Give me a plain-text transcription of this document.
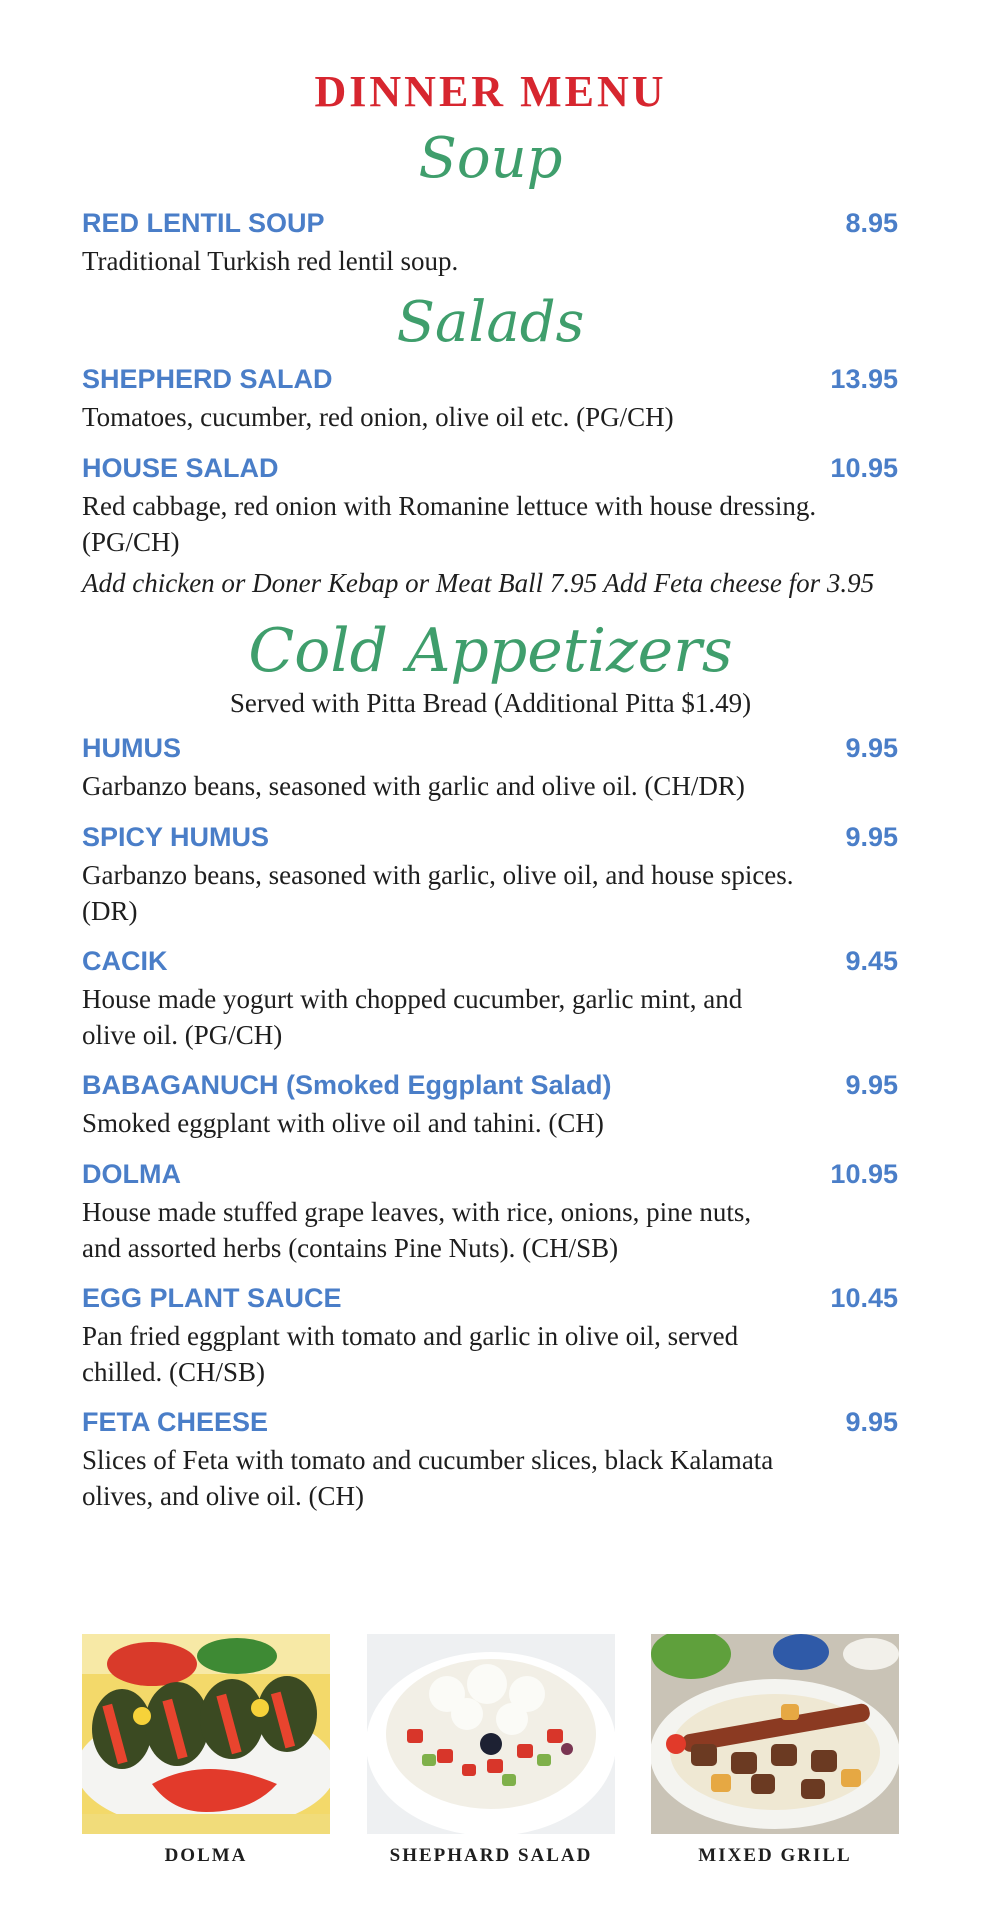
DINNER MENU
Soup
RED LENTIL SOUP	8.95
Traditional Turkish red lentil soup.
Salads
SHEPHERD SALAD	13.95
Tomatoes, cucumber, red onion, olive oil etc. (PG/CH)
HOUSE SALAD	10.95
Red cabbage, red onion with Romanine lettuce with house dressing.
(PG/CH)
Add chicken or Doner Kebap or Meat Ball 7.95 Add Feta cheese for 3.95
Cold Appetizers
Served with Pitta Bread (Additional Pitta $1.49)
HUMUS	9.95
Garbanzo beans, seasoned with garlic and olive oil. (CH/DR)
SPICY HUMUS	9.95
Garbanzo beans, seasoned with garlic, olive oil, and house spices.
(DR)
CACIK	9.45
House made yogurt with chopped cucumber, garlic mint, and
olive oil. (PG/CH)
BABAGANUCH (Smoked Eggplant Salad)	9.95
Smoked eggplant with olive oil and tahini. (CH)
DOLMA	10.95
House made stuffed grape leaves, with rice, onions, pine nuts,
and assorted herbs (contains Pine Nuts). (CH/SB)
EGG PLANT SAUCE	10.45
Pan fried eggplant with tomato and garlic in olive oil, served
chilled. (CH/SB)
FETA CHEESE	9.95
Slices of Feta with tomato and cucumber slices, black Kalamata
olives, and olive oil. (CH)
DOLMA	SHEPHARD SALAD	MIXED GRILL
